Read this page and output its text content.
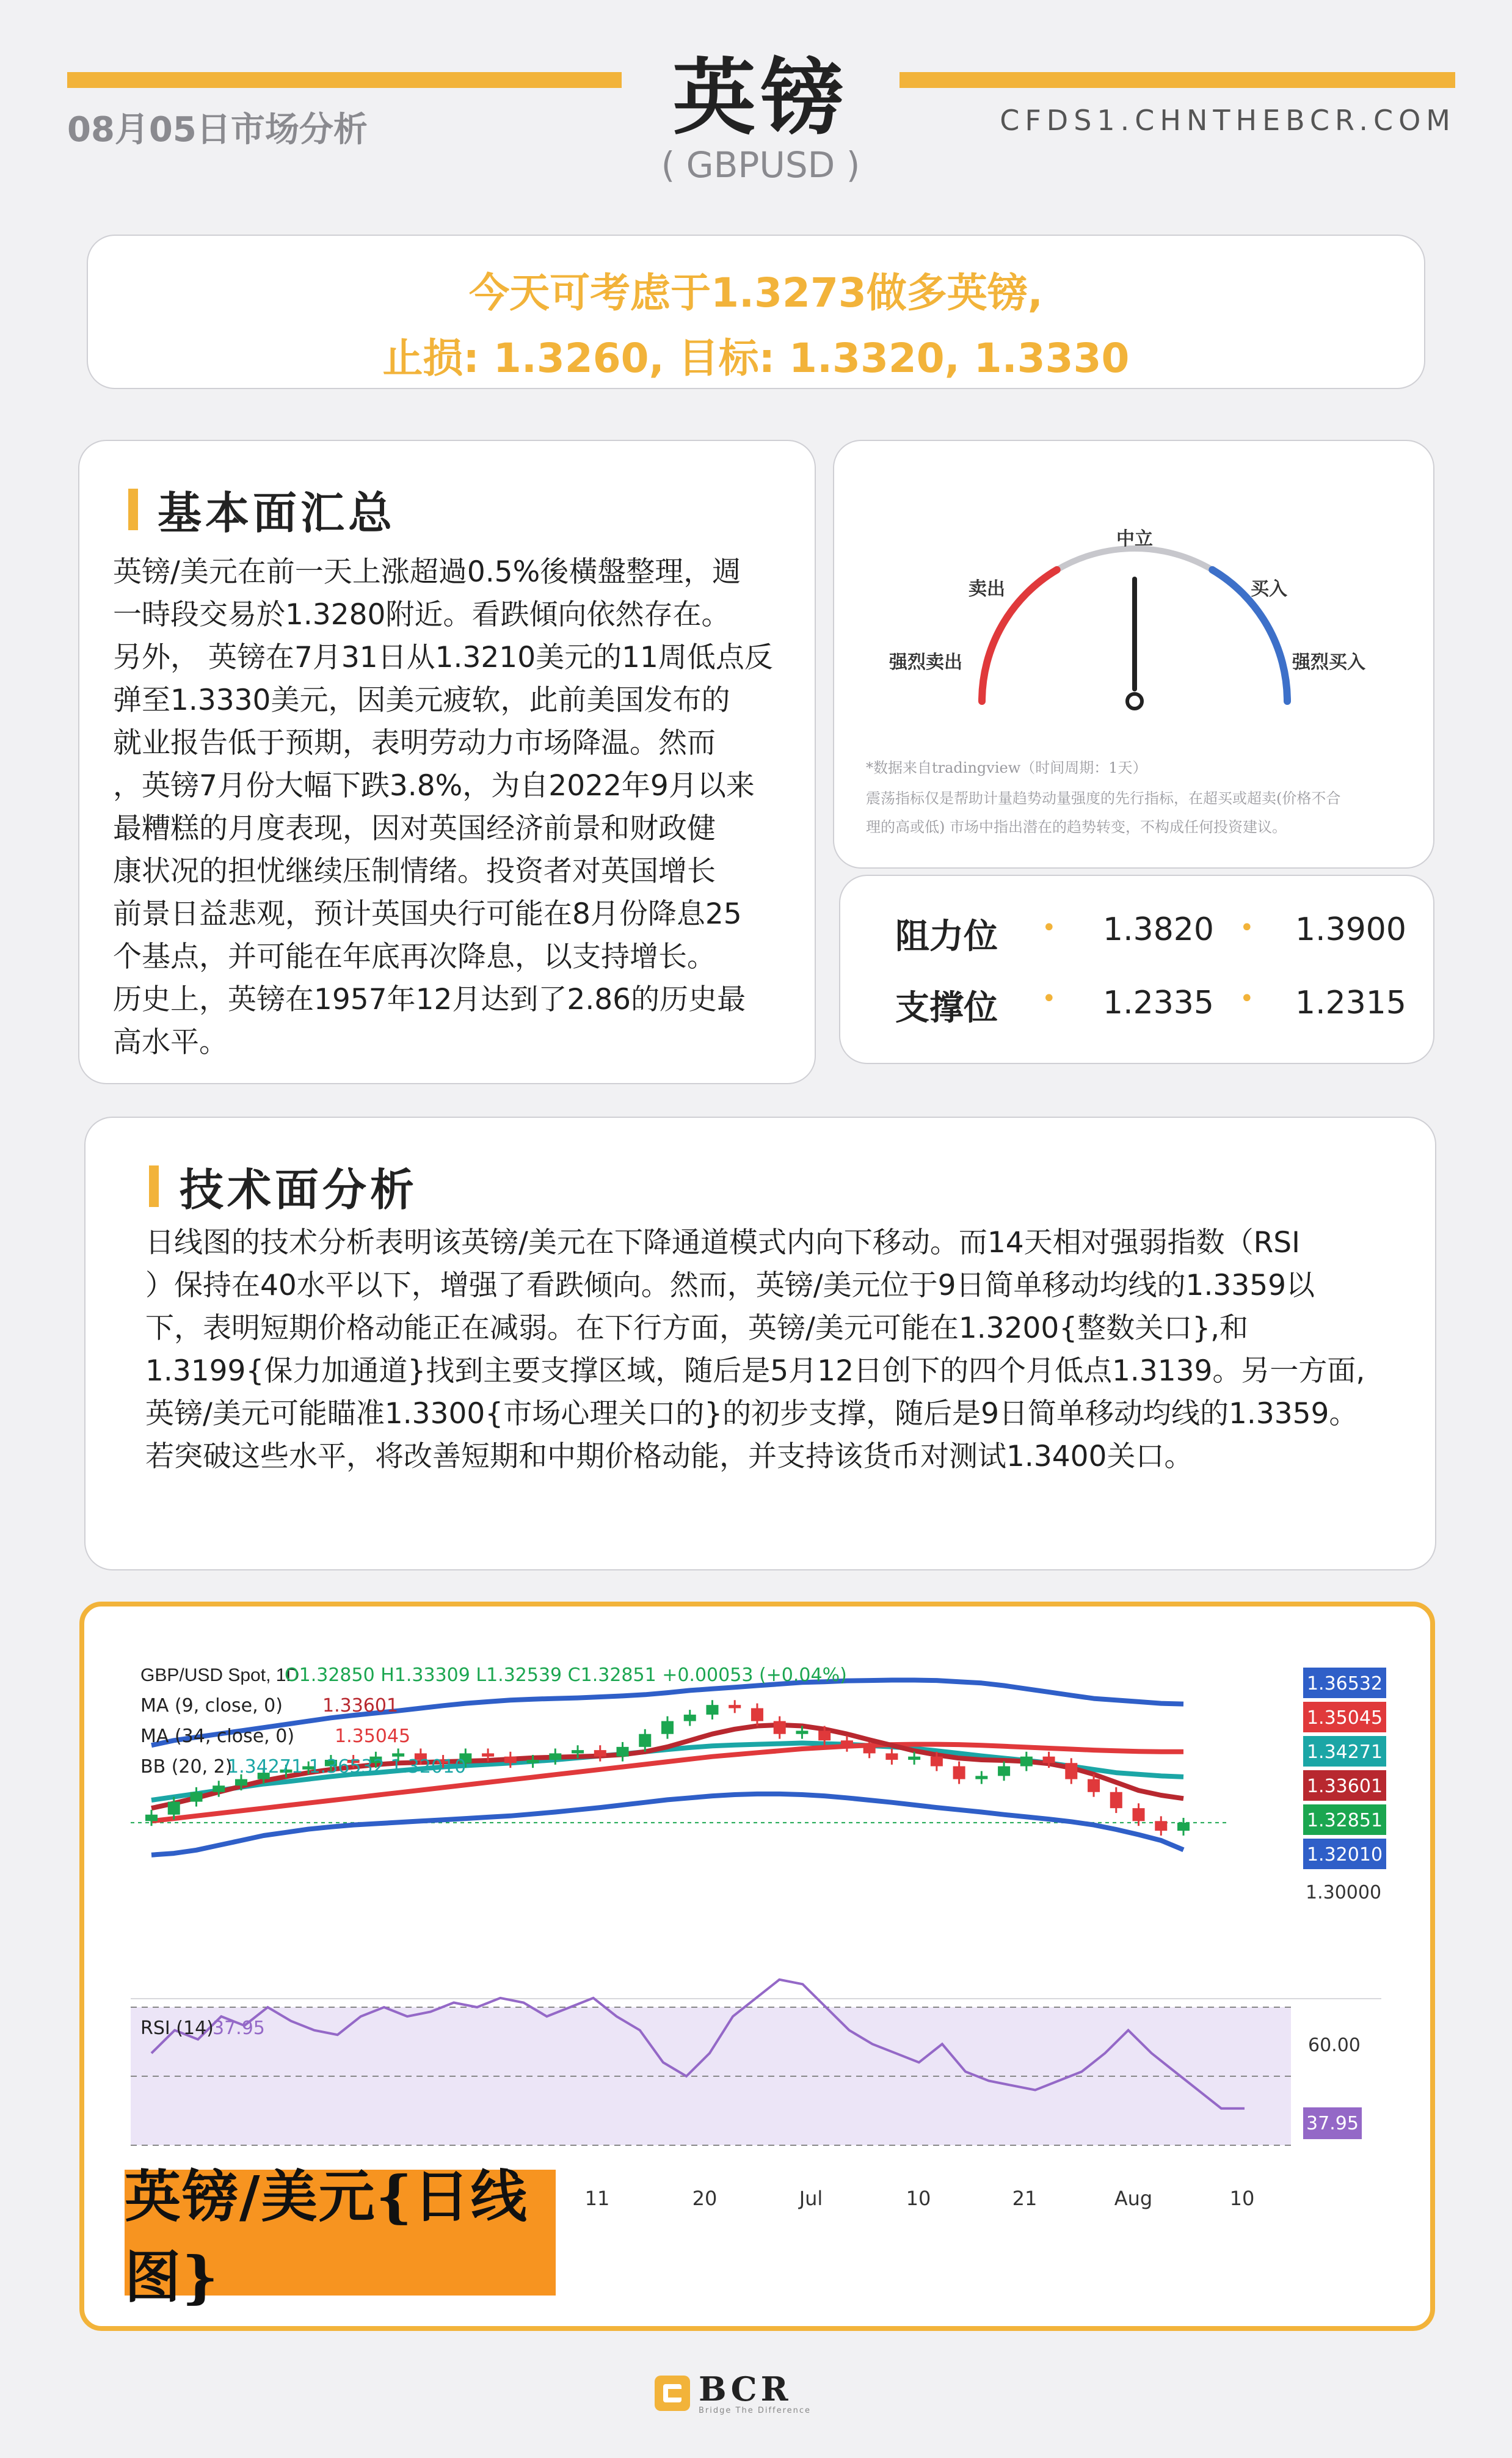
英镑
( GBPUSD )
08月05日市场分析	CFDS1.CHNTHEBCR.COM
今天可考虑于1.3273做多英镑,
止损: 1.3260, 目标: 1.3320, 1.3330
基本面汇总
英镑/美元在前一天上涨超過0.5%後橫盤整理，週
一時段交易於1.3280附近。看跌傾向依然存在。
另外， 英镑在7月31日从1.3210美元的11周低点反
弹至1.3330美元，因美元疲软，此前美国发布的
就业报告低于预期，表明劳动力市场降温。然而
，英镑7月份大幅下跌3.8%，为自2022年9月以来
最糟糕的月度表现，因对英国经济前景和财政健
康状况的担忧继续压制情绪。投资者对英国增长
前景日益悲观，预计英国央行可能在8月份降息25
个基点，并可能在年底再次降息，以支持增长。
历史上，英镑在1957年12月达到了2.86的历史最
高水平。
中立
卖出	买入
强烈卖出	强烈买入
*数据来自tradingview（时间周期：1天）
震荡指标仅是帮助计量趋势动量强度的先行指标，在超买或超卖(价格不合
理的高或低) 市场中指出潜在的趋势转变，不构成任何投资建议。
阻力位 • 1.3820 • 1.3900
支撑位 • 1.2335 • 1.2315
技术面分析
日线图的技术分析表明该英镑/美元在下降通道模式内向下移动。而14天相对强弱指数（RSI
）保持在40水平以下，增强了看跌倾向。然而，英镑/美元位于9日简单移动均线的1.3359以
下，表明短期价格动能正在减弱。在下行方面，英镑/美元可能在1.3200{整数关口},和
1.3199{保力加通道}找到主要支撑区域，随后是5月12日创下的四个月低点1.3139。另一方面,
英镑/美元可能瞄准1.3300{市场心理关口的}的初步支撑，随后是9日简单移动均线的1.3359。
若突破这些水平，将改善短期和中期价格动能，并支持该货币对测试1.3400关口。
1.36532
1.35045
1.34271
1.33601
1.32851
1.32010
11	20	Jul	10	21	Aug	10
GBP/USD Spot, 1D
O1.32850 H1.33309 L1.32539 C1.32851 +0.00053 (+0.04%)
MA (9, close, 0) 1.33601
MA (34, close, 0) 1.35045
BB (20, 2)
1.34271 1.36532 1.32010
1.30000
RSI (14)
37.95
60.00
37.95
英镑/美元{日线图}
BCR
Bridge The Difference
